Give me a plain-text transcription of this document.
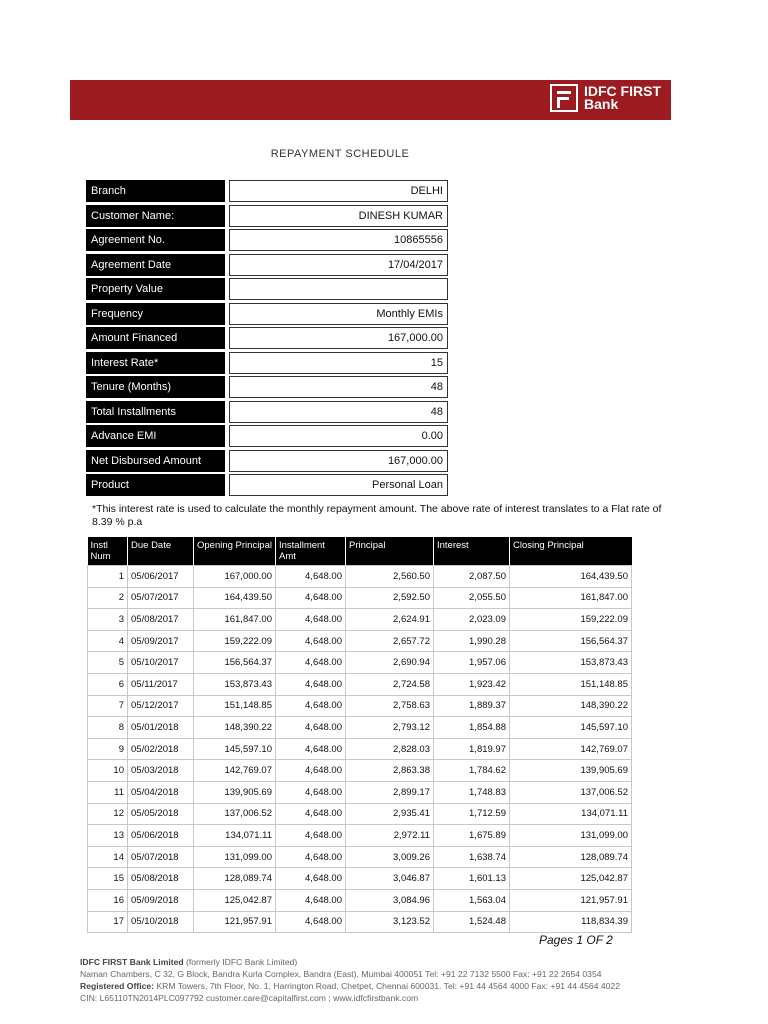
IDFC FIRST
Bank
REPAYMENT SCHEDULE
Branch	DELHI
Customer Name:	DINESH KUMAR
Agreement No.	10865556
Agreement Date	17/04/2017
Property Value
Frequency	Monthly EMIs
Amount Financed	167,000.00
Interest Rate*	15
Tenure (Months)	48
Total Installments	48
Advance EMI	0.00
Net Disbursed Amount	167,000.00
Product	Personal Loan
*This interest rate is used to calculate the monthly repayment amount. The above rate of interest translates to a Flat rate of 8.39 % p.a
Instl Num	Due Date	Opening Principal	Installment Amt	Principal	Interest	Closing Principal
1	05/06/2017	167,000.00	4,648.00	2,560.50	2,087.50	164,439.50
2	05/07/2017	164,439.50	4,648.00	2,592.50	2,055.50	161,847.00
3	05/08/2017	161,847.00	4,648.00	2,624.91	2,023.09	159,222.09
4	05/09/2017	159,222.09	4,648.00	2,657.72	1,990.28	156,564.37
5	05/10/2017	156,564.37	4,648.00	2,690.94	1,957.06	153,873.43
6	05/11/2017	153,873.43	4,648.00	2,724.58	1,923.42	151,148.85
7	05/12/2017	151,148.85	4,648.00	2,758.63	1,889.37	148,390.22
8	05/01/2018	148,390.22	4,648.00	2,793.12	1,854.88	145,597.10
9	05/02/2018	145,597.10	4,648.00	2,828.03	1,819.97	142,769.07
10	05/03/2018	142,769.07	4,648.00	2,863.38	1,784.62	139,905.69
11	05/04/2018	139,905.69	4,648.00	2,899.17	1,748.83	137,006.52
12	05/05/2018	137,006.52	4,648.00	2,935.41	1,712.59	134,071.11
13	05/06/2018	134,071.11	4,648.00	2,972.11	1,675.89	131,099.00
14	05/07/2018	131,099.00	4,648.00	3,009.26	1,638.74	128,089.74
15	05/08/2018	128,089.74	4,648.00	3,046.87	1,601.13	125,042.87
16	05/09/2018	125,042.87	4,648.00	3,084.96	1,563.04	121,957.91
17	05/10/2018	121,957.91	4,648.00	3,123.52	1,524.48	118,834.39
Pages 1 OF 2
IDFC FIRST Bank Limited (formerly IDFC Bank Limited)
Naman Chambers, C 32, G Block, Bandra Kurla Complex, Bandra (East), Mumbai 400051 Tel: +91 22 7132 5500 Fax: +91 22 2654 0354
Registered Office: KRM Towers, 7th Floor, No. 1, Harrington Road, Chetpet, Chennai 600031. Tel: +91 44 4564 4000 Fax: +91 44 4564 4022
CIN: L65110TN2014PLC097792 customer.care@capitalfirst.com ; www.idfcfirstbank.com
